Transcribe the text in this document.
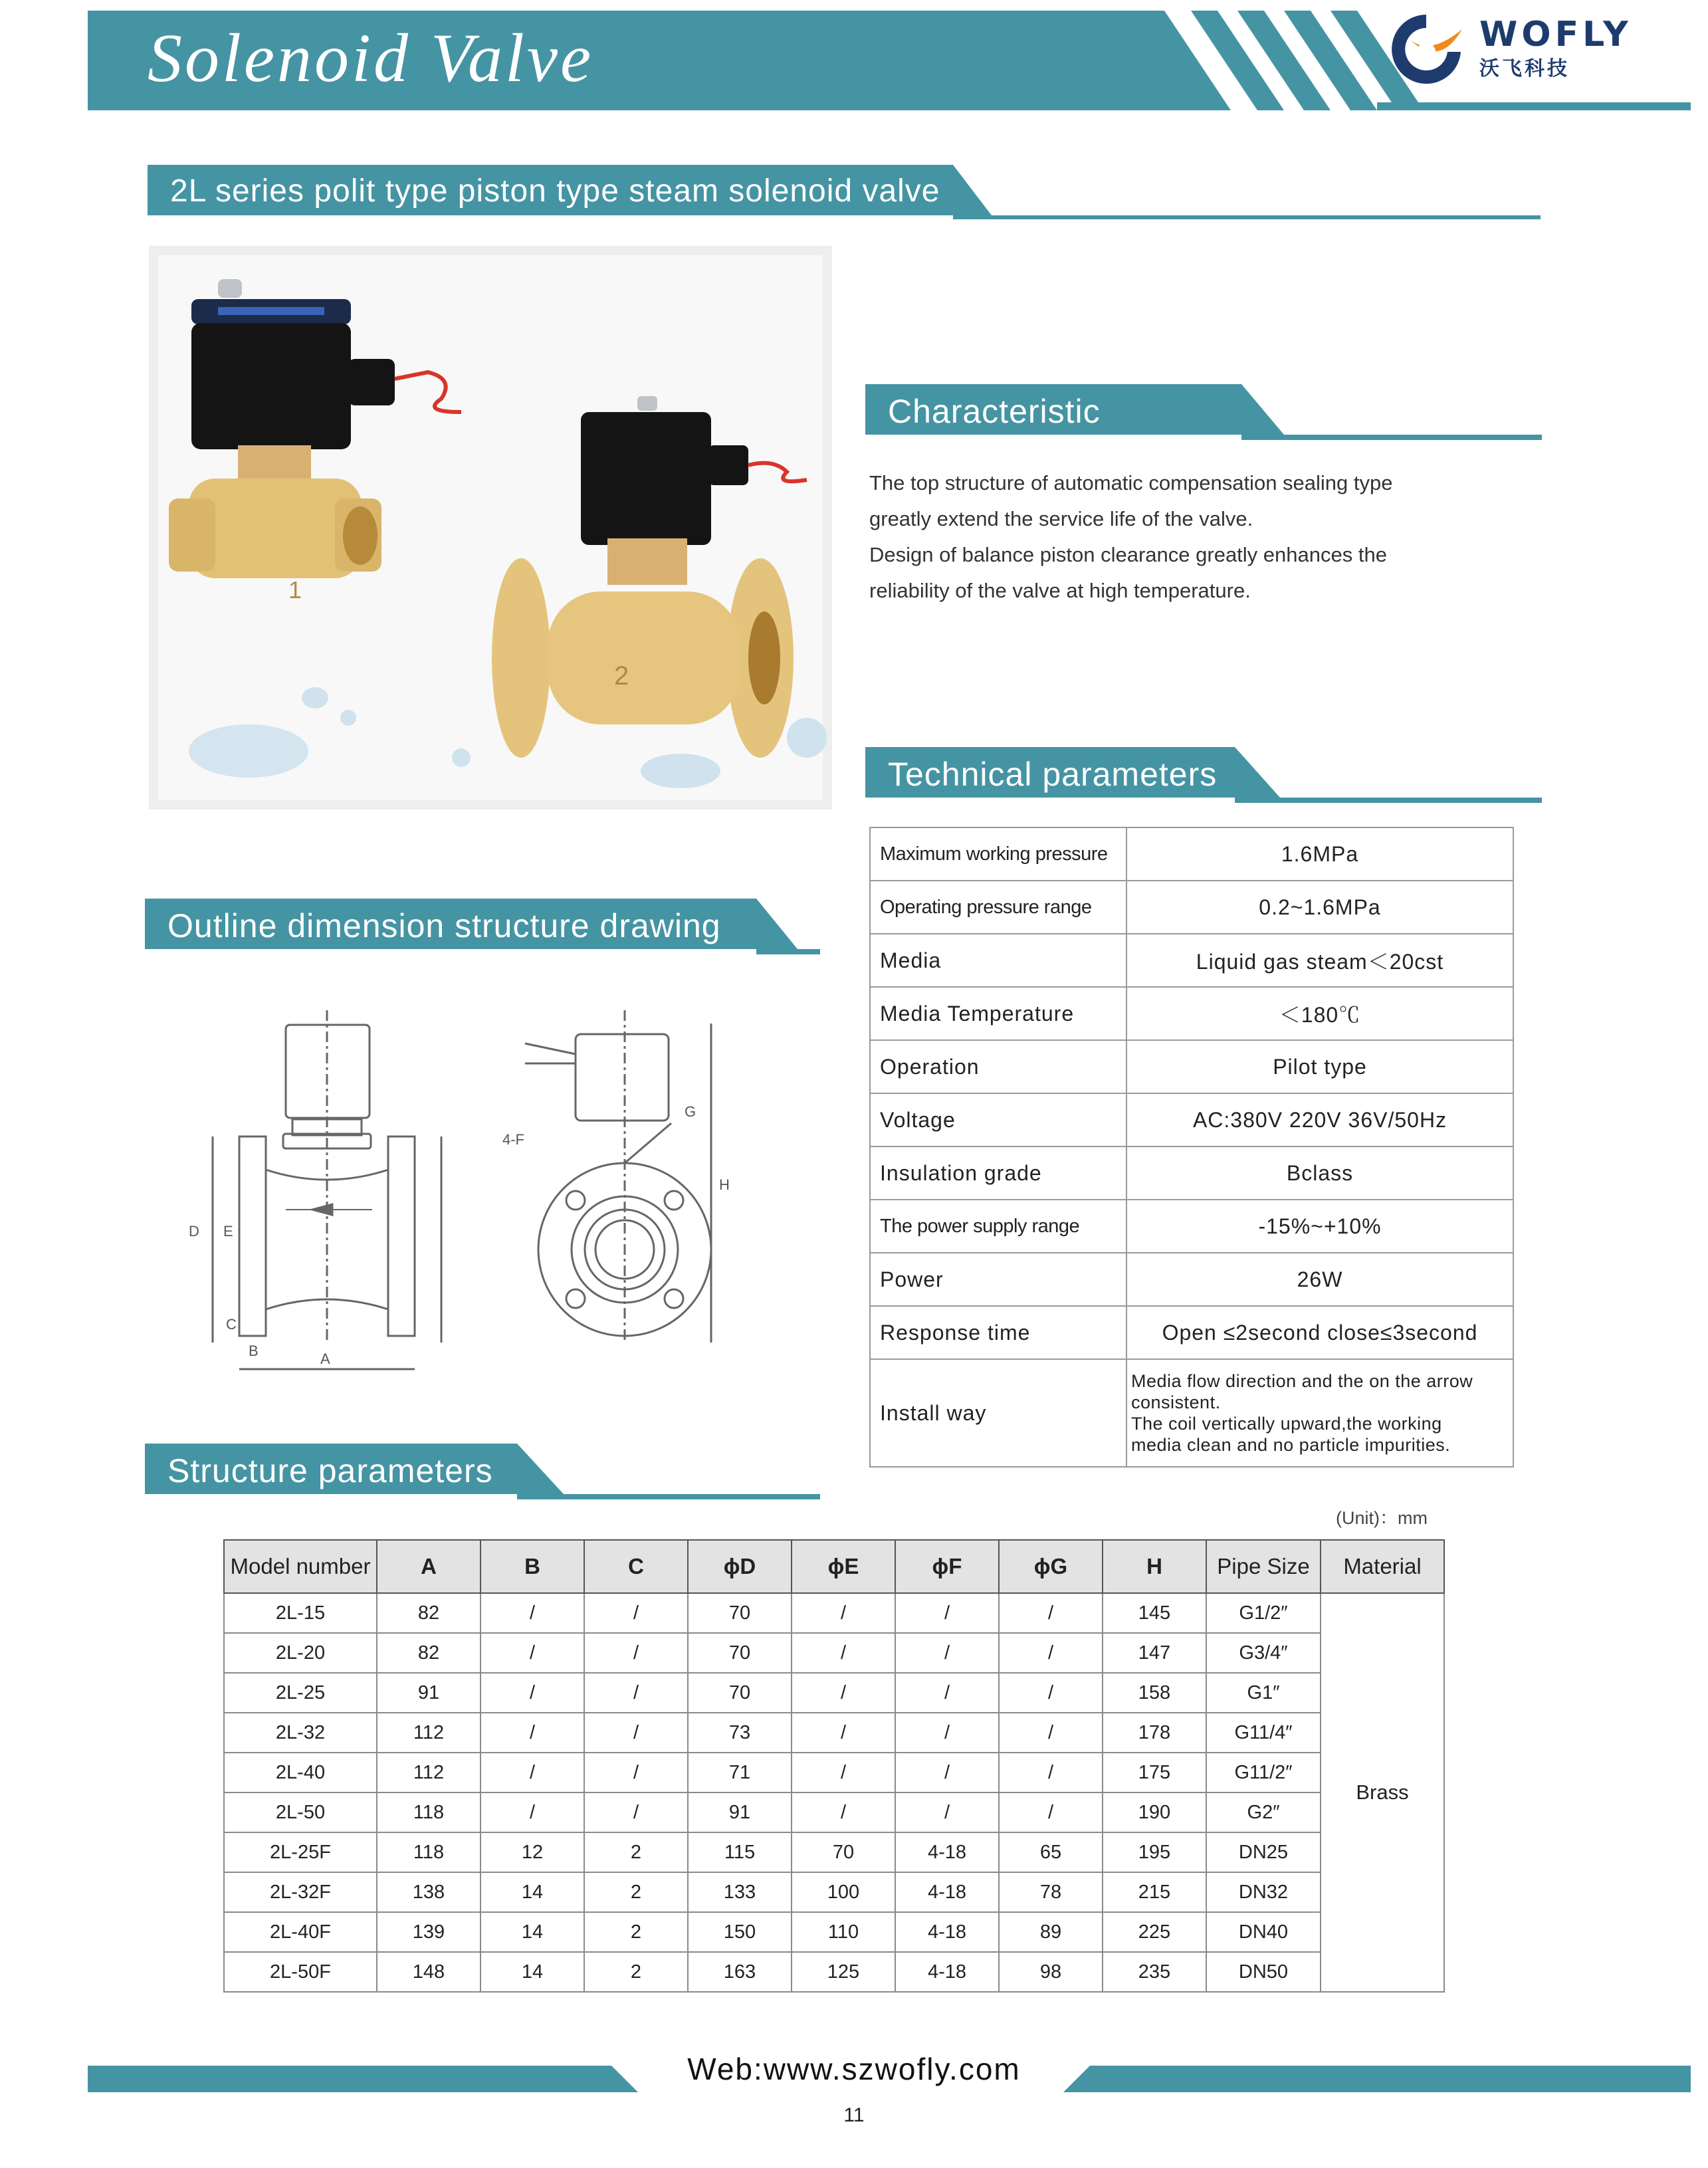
Solenoid Valve	WOFLY
沃飞科技
2L series polit type piston type steam solenoid valve
1
2
Characteristic
The top structure of automatic compensation sealing type
greatly extend the service life of the valve.
Design of balance piston clearance greatly enhances the
reliability of the valve at high temperature.
Technical parameters
Maximum working pressure	1.6MPa
Operating pressure range	0.2~1.6MPa
Media	Liquid gas steam＜20cst
Media Temperature	＜180℃
Operation	Pilot type
Voltage	AC:380V 220V 36V/50Hz
Insulation grade	Bclass
The power supply range	-15%~+10%
Power	26W
Response time	Open ≤2second close≤3second
Install way	Media flow direction and the on the arrow
consistent.
The coil vertically upward,the working
media clean and no particle impurities.
Outline dimension structure drawing
A
B
C
D E
4-F
G
H
Structure parameters
(Unit)：mm
Model number	A	B	C	ϕD	ϕE	ϕF	ϕG	H	Pipe Size	Material
2L-15	82	/	/	70	/	/	/	145	G1/2″	Brass
2L-20	82	/	/	70	/	/	/	147	G3/4″	
2L-25	91	/	/	70	/	/	/	158	G1″	
2L-32	112	/	/	73	/	/	/	178	G11/4″	
2L-40	112	/	/	71	/	/	/	175	G11/2″	
2L-50	118	/	/	91	/	/	/	190	G2″	
2L-25F	118	12	2	115	70	4-18	65	195	DN25	
2L-32F	138	14	2	133	100	4-18	78	215	DN32	
2L-40F	139	14	2	150	110	4-18	89	225	DN40	
2L-50F	148	14	2	163	125	4-18	98	235	DN50	
Web:www.szwofly.com
11
